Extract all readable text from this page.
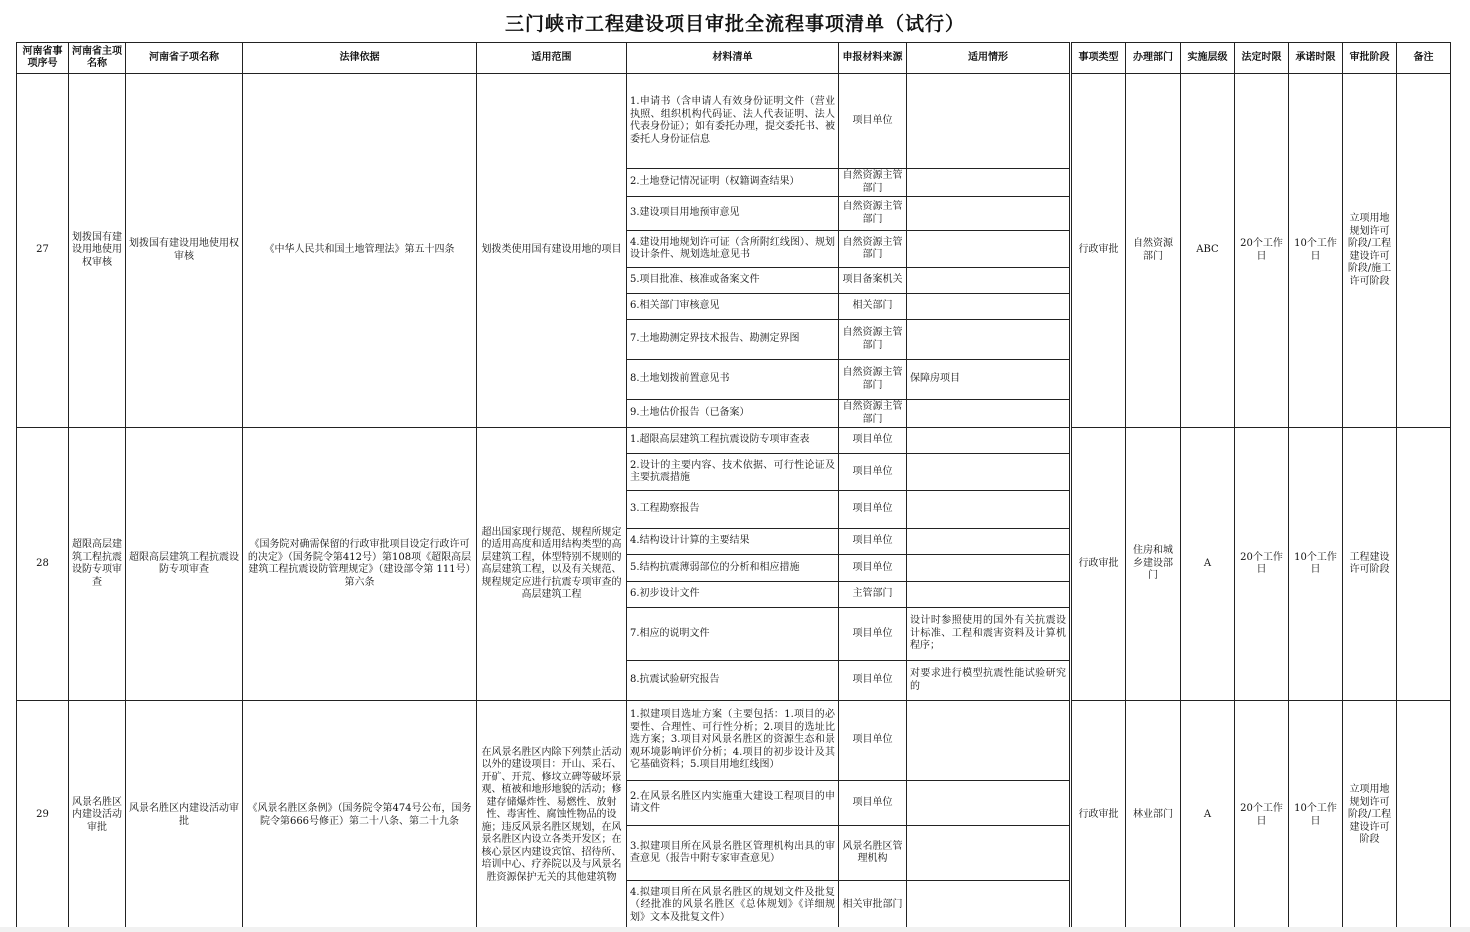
三门峡市工程建设项目审批全流程事项清单（试行）
河南省事项序号	河南省主项名称	河南省子项名称	法律依据	适用范围	材料清单	申报材料来源	适用情形	事项类型	办理部门	实施层级	法定时限	承诺时限	审批阶段	备注
27	划拨国有建设用地使用权审核	划拨国有建设用地使用权审核	《中华人民共和国土地管理法》第五十四条	划拨类使用国有建设用地的项目	1.申请书（含申请人有效身份证明文件（营业执照、组织机构代码证、法人代表证明、法人代表身份证）；如有委托办理，提交委托书、被委托人身份证信息	项目单位		行政审批	自然资源部门	ABC	20个工作日	10个工作日	立项用地规划许可阶段/工程建设许可阶段/施工许可阶段	
					2.土地登记情况证明（权籍调查结果）	自然资源主管部门								
					3.建设项目用地预审意见	自然资源主管部门								
					4.建设用地规划许可证（含所附红线图）、规划设计条件、规划选址意见书	自然资源主管部门								
					5.项目批准、核准或备案文件	项目备案机关								
					6.相关部门审核意见	相关部门								
					7.土地勘测定界技术报告、勘测定界图	自然资源主管部门								
					8.土地划拨前置意见书	自然资源主管部门	保障房项目							
					9.土地估价报告（已备案）	自然资源主管部门								
28	超限高层建筑工程抗震设防专项审查	超限高层建筑工程抗震设防专项审查	《国务院对确需保留的行政审批项目设定行政许可的决定》（国务院令第412号）第108项《超限高层建筑工程抗震设防管理规定》（建设部令第 111号）第六条	超出国家现行规范、规程所规定的适用高度和适用结构类型的高层建筑工程，体型特别不规则的高层建筑工程，以及有关规范、规程规定应进行抗震专项审查的高层建筑工程	1.超限高层建筑工程抗震设防专项审查表	项目单位		行政审批	住房和城乡建设部门	A	20个工作日	10个工作日	工程建设许可阶段	
					2.设计的主要内容、技术依据、可行性论证及主要抗震措施	项目单位								
					3.工程勘察报告	项目单位								
					4.结构设计计算的主要结果	项目单位								
					5.结构抗震薄弱部位的分析和相应措施	项目单位								
					6.初步设计文件	主管部门								
					7.相应的说明文件	项目单位	设计时参照使用的国外有关抗震设计标准、工程和震害资料及计算机程序；							
					8.抗震试验研究报告	项目单位	对要求进行模型抗震性能试验研究的							
29	风景名胜区内建设活动审批	风景名胜区内建设活动审批	《风景名胜区条例》（国务院令第474号公布，国务院令第666号修正）第二十八条、第二十九条	在风景名胜区内除下列禁止活动以外的建设项目：开山、采石、开矿、开荒、修坟立碑等破坏景观、植被和地形地貌的活动；修建存储爆炸性、易燃性、放射性、毒害性、腐蚀性物品的设施；违反风景名胜区规划，在风景名胜区内设立各类开发区；在核心景区内建设宾馆、招待所、培训中心、疗养院以及与风景名胜资源保护无关的其他建筑物	1.拟建项目选址方案（主要包括：1.项目的必要性、合理性、可行性分析；2.项目的选址比选方案；3.项目对风景名胜区的资源生态和景观环境影响评价分析；4.项目的初步设计及其它基础资料；5.项目用地红线图）	项目单位		行政审批	林业部门	A	20个工作日	10个工作日	立项用地规划许可阶段/工程建设许可阶段	
					2.在风景名胜区内实施重大建设工程项目的申请文件	项目单位								
					3.拟建项目所在风景名胜区管理机构出具的审查意见（报告中附专家审查意见）	风景名胜区管理机构								
					4.拟建项目所在风景名胜区的规划文件及批复（经批准的风景名胜区《总体规划》《详细规划》文本及批复文件）	相关审批部门								
